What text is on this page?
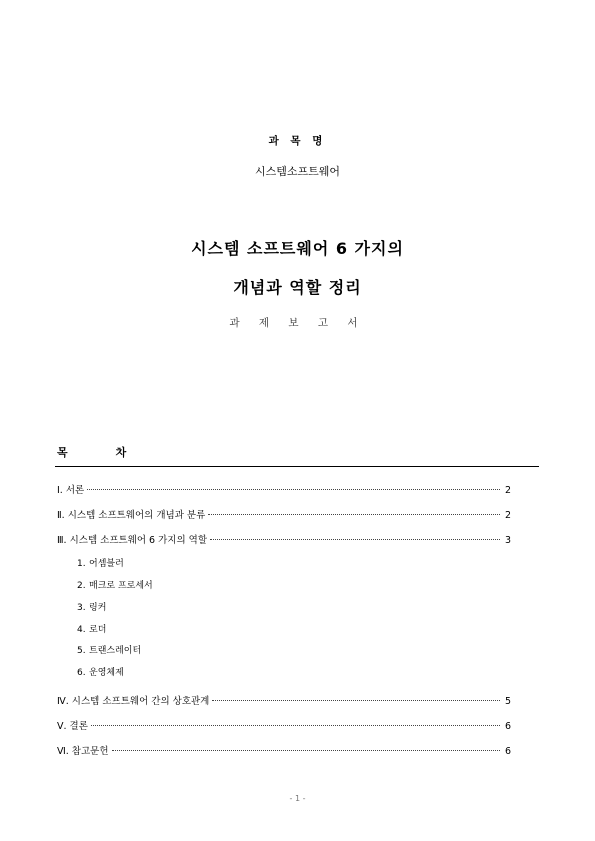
과 목 명
시스템소프트웨어
시스템 소프트웨어 6 가지의
개념과 역할 정리
과 제 보 고 서
목	차
Ⅰ. 서론	2
Ⅱ. 시스템 소프트웨어의 개념과 분류	2
Ⅲ. 시스템 소프트웨어 6 가지의 역할	3
1. 어셈블러
2. 매크로 프로세서
3. 링커
4. 로더
5. 트랜스레이터
6. 운영체제
Ⅳ. 시스템 소프트웨어 간의 상호관계	5
Ⅴ. 결론	6
Ⅵ. 참고문헌	6
- 1 -
